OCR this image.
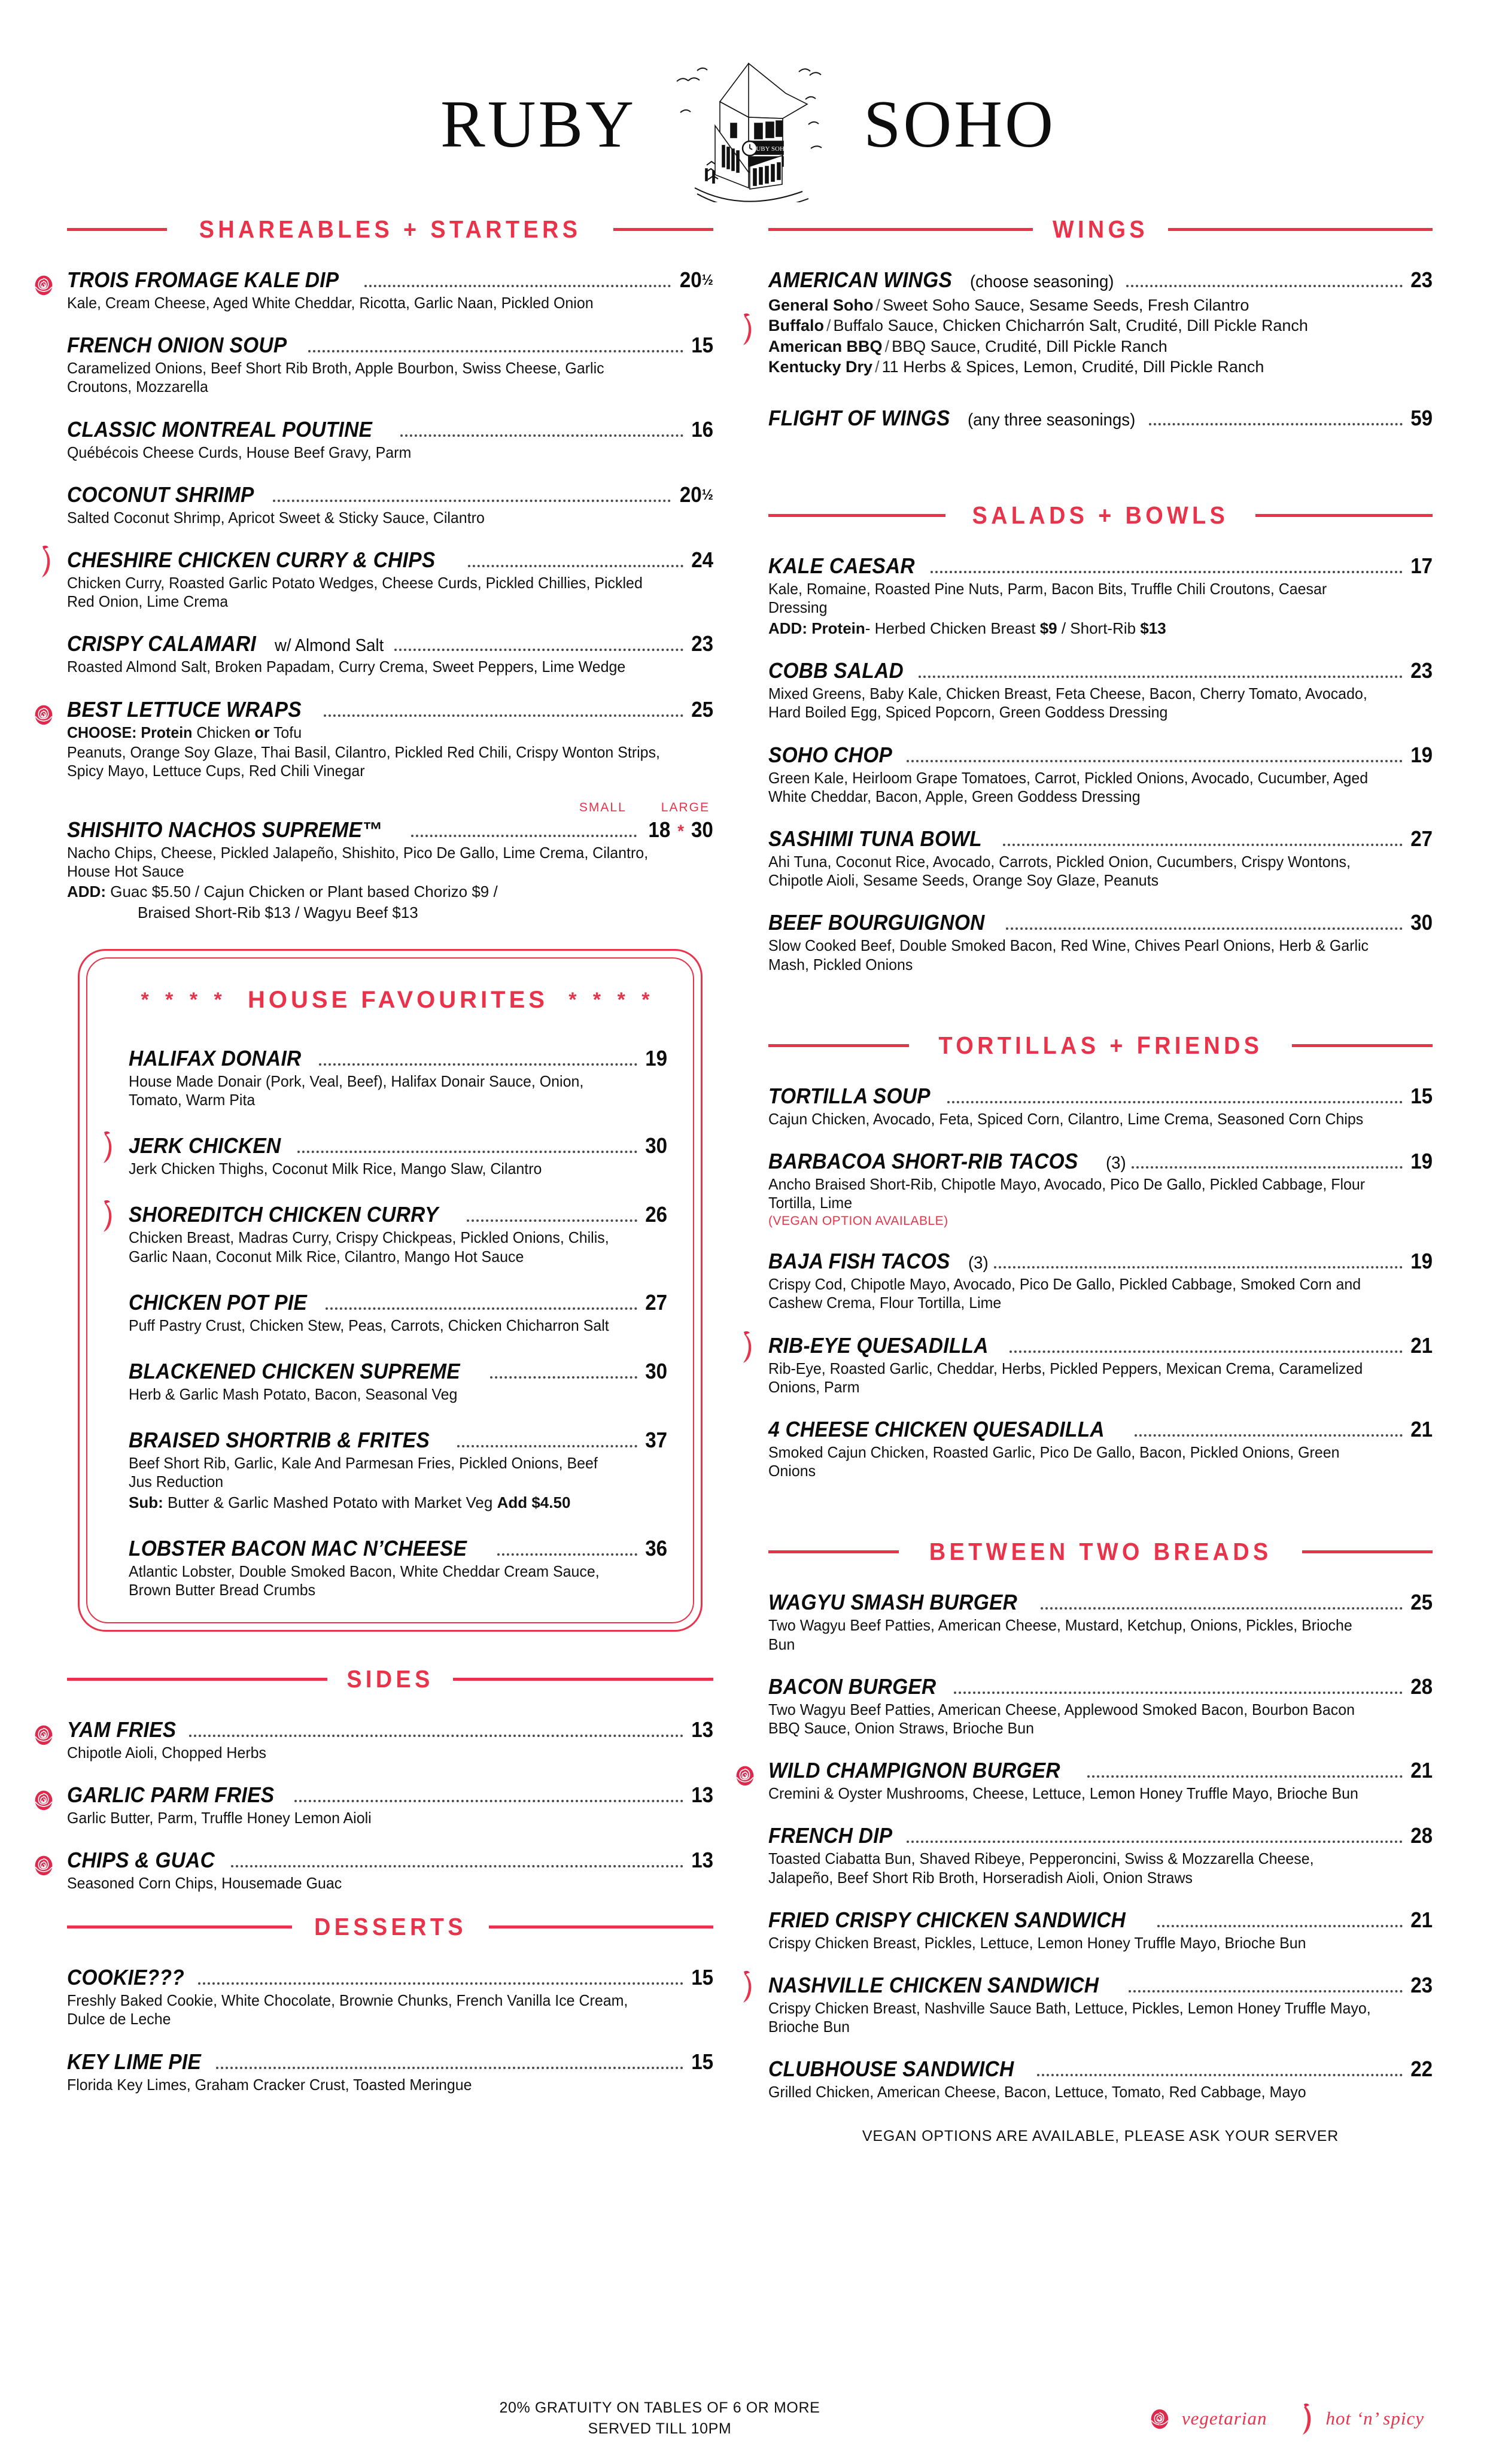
RUBY	RUBY SOHO SOHO
SHAREABLES + STARTERS
TROIS FROMAGE KALE DIP	20½
Kale, Cream Cheese, Aged White Cheddar, Ricotta, Garlic Naan, Pickled Onion
FRENCH ONION SOUP	15
Caramelized Onions, Beef Short Rib Broth, Apple Bourbon, Swiss Cheese, Garlic Croutons, Mozzarella
CLASSIC MONTREAL POUTINE	16
Québécois Cheese Curds, House Beef Gravy, Parm
COCONUT SHRIMP	20½
Salted Coconut Shrimp, Apricot Sweet & Sticky Sauce, Cilantro
CHESHIRE CHICKEN CURRY & CHIPS	24
Chicken Curry, Roasted Garlic Potato Wedges, Cheese Curds, Pickled Chillies, Pickled Red Onion, Lime Crema
CRISPY CALAMARI w/ Almond Salt	23
Roasted Almond Salt, Broken Papadam, Curry Crema, Sweet Peppers, Lime Wedge
BEST LETTUCE WRAPS	25
CHOOSE: Protein Chicken or Tofu
Peanuts, Orange Soy Glaze, Thai Basil, Cilantro, Pickled Red Chili, Crispy Wonton Strips, Spicy Mayo, Lettuce Cups, Red Chili Vinegar
SMALL	LARGE
SHISHITO NACHOS SUPREME™	18 * 30
Nacho Chips, Cheese, Pickled Jalapeño, Shishito, Pico De Gallo, Lime Crema, Cilantro, House Hot Sauce
ADD: Guac $5.50 / Cajun Chicken or Plant based Chorizo $9 /
Braised Short-Rib $13 / Wagyu Beef $13
* * * * HOUSE FAVOURITES * * * *
HALIFAX DONAIR	19
House Made Donair (Pork, Veal, Beef), Halifax Donair Sauce, Onion, Tomato, Warm Pita
JERK CHICKEN	30
Jerk Chicken Thighs, Coconut Milk Rice, Mango Slaw, Cilantro
SHOREDITCH CHICKEN CURRY	26
Chicken Breast, Madras Curry, Crispy Chickpeas, Pickled Onions, Chilis, Garlic Naan, Coconut Milk Rice, Cilantro, Mango Hot Sauce
CHICKEN POT PIE	27
Puff Pastry Crust, Chicken Stew, Peas, Carrots, Chicken Chicharron Salt
BLACKENED CHICKEN SUPREME	30
Herb & Garlic Mash Potato, Bacon, Seasonal Veg
BRAISED SHORTRIB & FRITES	37
Beef Short Rib, Garlic, Kale And Parmesan Fries, Pickled Onions, Beef Jus Reduction
Sub: Butter & Garlic Mashed Potato with Market Veg Add $4.50
LOBSTER BACON MAC N’CHEESE	36
Atlantic Lobster, Double Smoked Bacon, White Cheddar Cream Sauce, Brown Butter Bread Crumbs
SIDES
YAM FRIES	13
Chipotle Aioli, Chopped Herbs
GARLIC PARM FRIES	13
Garlic Butter, Parm, Truffle Honey Lemon Aioli
CHIPS & GUAC	13
Seasoned Corn Chips, Housemade Guac
DESSERTS
COOKIE???	15
Freshly Baked Cookie, White Chocolate, Brownie Chunks, French Vanilla Ice Cream, Dulce de Leche
KEY LIME PIE	15
Florida Key Limes, Graham Cracker Crust, Toasted Meringue
WINGS
AMERICAN WINGS (choose seasoning)	23
General Soho / Sweet Soho Sauce, Sesame Seeds, Fresh Cilantro
Buffalo / Buffalo Sauce, Chicken Chicharrón Salt, Crudité, Dill Pickle Ranch
American BBQ / BBQ Sauce, Crudité, Dill Pickle Ranch
Kentucky Dry / 11 Herbs & Spices, Lemon, Crudité, Dill Pickle Ranch
FLIGHT OF WINGS (any three seasonings)	59
SALADS + BOWLS
KALE CAESAR	17
Kale, Romaine, Roasted Pine Nuts, Parm, Bacon Bits, Truffle Chili Croutons, Caesar Dressing
ADD: Protein- Herbed Chicken Breast $9 / Short-Rib $13
COBB SALAD	23
Mixed Greens, Baby Kale, Chicken Breast, Feta Cheese, Bacon, Cherry Tomato, Avocado, Hard Boiled Egg, Spiced Popcorn, Green Goddess Dressing
SOHO CHOP	19
Green Kale, Heirloom Grape Tomatoes, Carrot, Pickled Onions, Avocado, Cucumber, Aged White Cheddar, Bacon, Apple, Green Goddess Dressing
SASHIMI TUNA BOWL	27
Ahi Tuna, Coconut Rice, Avocado, Carrots, Pickled Onion, Cucumbers, Crispy Wontons, Chipotle Aioli, Sesame Seeds, Orange Soy Glaze, Peanuts
BEEF BOURGUIGNON	30
Slow Cooked Beef, Double Smoked Bacon, Red Wine, Chives Pearl Onions, Herb & Garlic Mash, Pickled Onions
TORTILLAS + FRIENDS
TORTILLA SOUP	15
Cajun Chicken, Avocado, Feta, Spiced Corn, Cilantro, Lime Crema, Seasoned Corn Chips
BARBACOA SHORT-RIB TACOS (3)	19
Ancho Braised Short-Rib, Chipotle Mayo, Avocado, Pico De Gallo, Pickled Cabbage, Flour Tortilla, Lime
(VEGAN OPTION AVAILABLE)
BAJA FISH TACOS (3)	19
Crispy Cod, Chipotle Mayo, Avocado, Pico De Gallo, Pickled Cabbage, Smoked Corn and Cashew Crema, Flour Tortilla, Lime
RIB-EYE QUESADILLA	21
Rib-Eye, Roasted Garlic, Cheddar, Herbs, Pickled Peppers, Mexican Crema, Caramelized Onions, Parm
4 CHEESE CHICKEN QUESADILLA	21
Smoked Cajun Chicken, Roasted Garlic, Pico De Gallo, Bacon, Pickled Onions, Green Onions
BETWEEN TWO BREADS
WAGYU SMASH BURGER	25
Two Wagyu Beef Patties, American Cheese, Mustard, Ketchup, Onions, Pickles, Brioche Bun
BACON BURGER	28
Two Wagyu Beef Patties, American Cheese, Applewood Smoked Bacon, Bourbon Bacon BBQ Sauce, Onion Straws, Brioche Bun
WILD CHAMPIGNON BURGER	21
Cremini & Oyster Mushrooms, Cheese, Lettuce, Lemon Honey Truffle Mayo, Brioche Bun
FRENCH DIP	28
Toasted Ciabatta Bun, Shaved Ribeye, Pepperoncini, Swiss & Mozzarella Cheese, Jalapeño, Beef Short Rib Broth, Horseradish Aioli, Onion Straws
FRIED CRISPY CHICKEN SANDWICH	21
Crispy Chicken Breast, Pickles, Lettuce, Lemon Honey Truffle Mayo, Brioche Bun
NASHVILLE CHICKEN SANDWICH	23
Crispy Chicken Breast, Nashville Sauce Bath, Lettuce, Pickles, Lemon Honey Truffle Mayo, Brioche Bun
CLUBHOUSE SANDWICH	22
Grilled Chicken, American Cheese, Bacon, Lettuce, Tomato, Red Cabbage, Mayo
VEGAN OPTIONS ARE AVAILABLE, PLEASE ASK YOUR SERVER
20% GRATUITY ON TABLES OF 6 OR MORE
SERVED TILL 10PM	vegetarian	hot ‘n’ spicy
